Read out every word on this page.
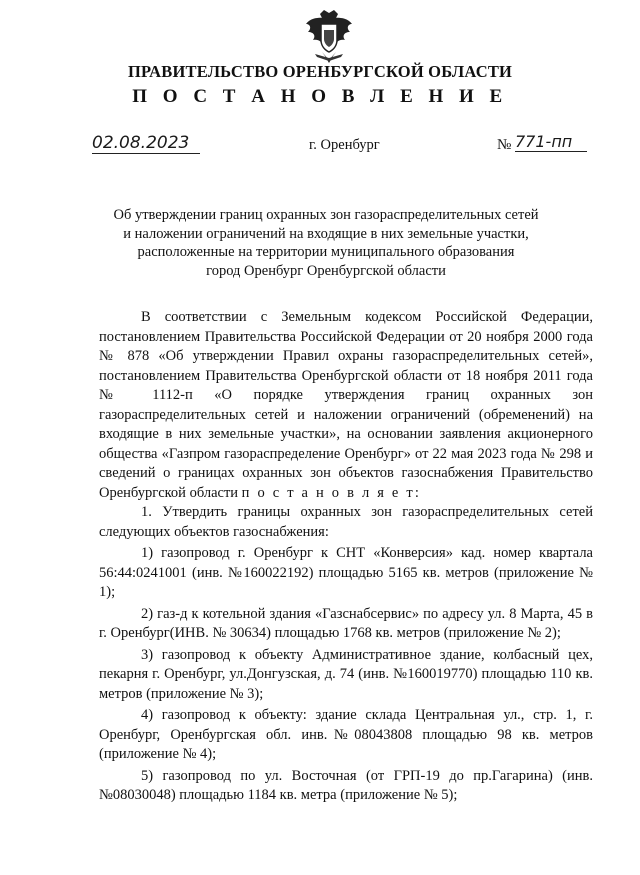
ПРАВИТЕЛЬСТВО ОРЕНБУРГСКОЙ ОБЛАСТИ
П О С Т А Н О В Л Е Н И Е
02.08.2023	г. Оренбург	№ 771-пп
Об утверждении границ охранных зон газораспределительных сетей
и наложении ограничений на входящие в них земельные участки,
расположенные на территории муниципального образования
город Оренбург Оренбургской области

В соответствии с Земельным кодексом Российской Федерации, постановлением Правительства Российской Федерации от 20 ноября 2000 года № 878 «Об утверждении Правил охраны газораспределительных сетей», постановлением Правительства Оренбургской области от 18 ноября 2011 года № 1112-п «О порядке утверждения границ охранных зон газораспределительных сетей и наложении ограничений (обременений) на входящие в них земельные участки», на основании заявления акционерного общества «Газпром газораспределение Оренбург» от 22 мая 2023 года № 298 и сведений о границах охранных зон объектов газоснабжения Правительство Оренбургской области п о с т а н о в л я е т:

1. Утвердить границы охранных зон газораспределительных сетей следующих объектов газоснабжения:

1) газопровод г. Оренбург к СНТ «Конверсия» кад. номер квартала 56:44:0241001 (инв. №160022192) площадью 5165 кв. метров (приложение № 1);

2) газ-д к котельной здания «Газснабсервис» по адресу ул. 8 Марта, 45 в г. Оренбург(ИНВ. № 30634) площадью 1768 кв. метров (приложение № 2);

3) газопровод к объекту Административное здание, колбасный цех, пекарня г. Оренбург, ул.Донгузская, д. 74 (инв. №160019770) площадью 110 кв. метров (приложение № 3);

4) газопровод к объекту: здание склада Центральная ул., стр. 1, г. Оренбург, Оренбургская обл. инв.№08043808 площадью 98 кв. метров (приложение № 4);

5) газопровод по ул. Восточная (от ГРП-19 до пр.Гагарина) (инв. №08030048) площадью 1184 кв. метра (приложение № 5);
